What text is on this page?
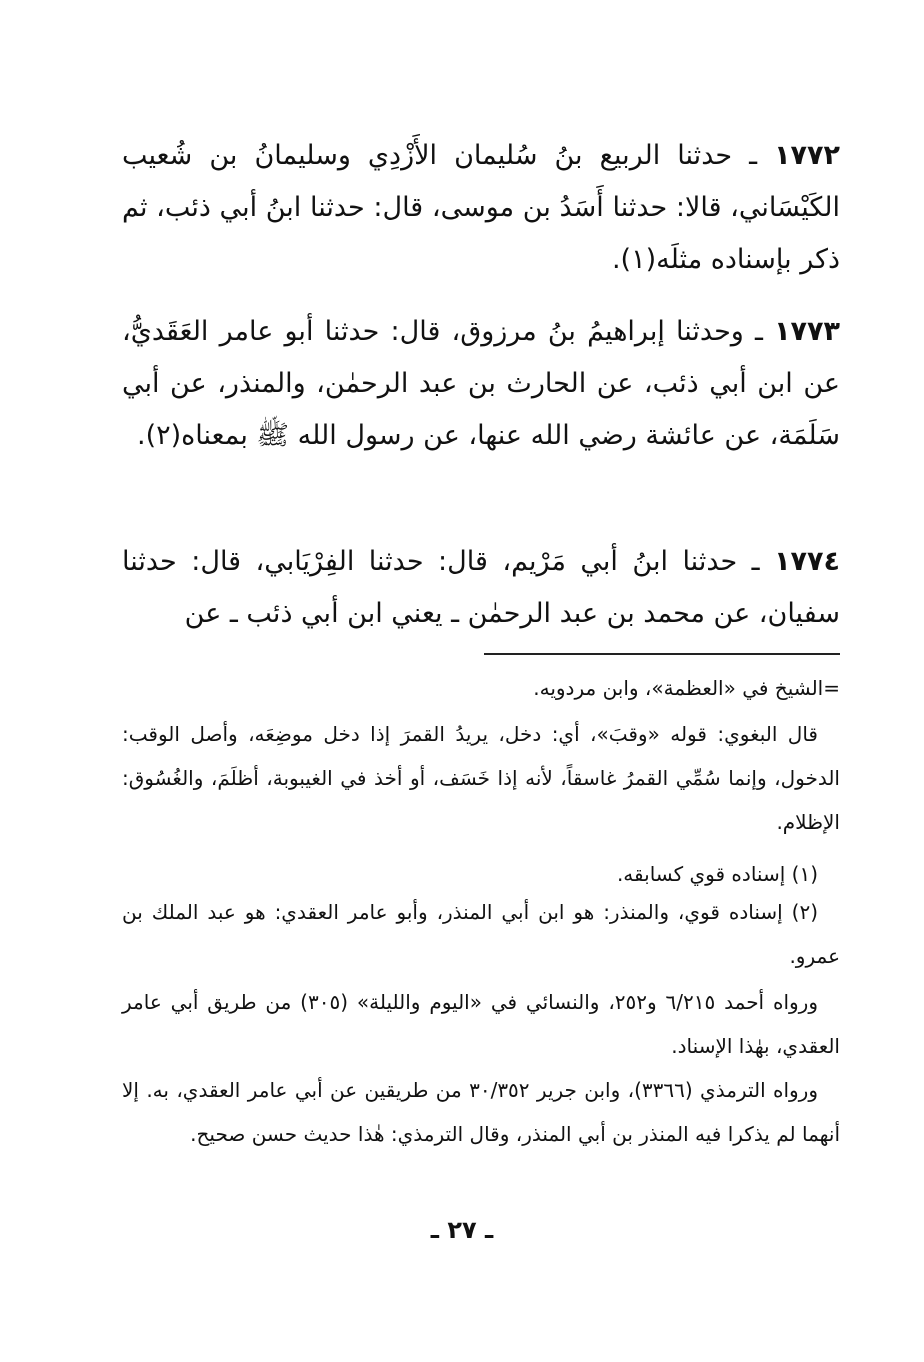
١٧٧٢ ـ حدثنا الربيع بنُ سُليمان الأَزْدِي وسليمانُ بن شُعيب الكَيْسَاني، قالا: حدثنا أَسَدُ بن موسى، قال: حدثنا ابنُ أبي ذئب، ثم ذكر بإسناده مثلَه(١).

١٧٧٣ ـ وحدثنا إبراهيمُ بنُ مرزوق، قال: حدثنا أبو عامر العَقَديُّ، عن ابن أبي ذئب، عن الحارث بن عبد الرحمٰن، والمنذر، عن أبي سَلَمَة، عن عائشة رضي الله عنها، عن رسول الله ﷺ بمعناه(٢).

١٧٧٤ ـ حدثنا ابنُ أبي مَرْيم، قال: حدثنا الفِرْيَابي، قال: حدثنا سفيان، عن محمد بن عبد الرحمٰن ـ يعني ابن أبي ذئب ـ عن

=الشيخ في «العظمة»، وابن مردويه.

قال البغوي: قوله «وقبَ»، أي: دخل، يريدُ القمرَ إذا دخل موضِعَه، وأصل الوقب: الدخول، وإنما سُمِّي القمرُ غاسقاً، لأنه إذا خَسَف، أو أخذ في الغيبوبة، أظلَمَ، والغُسُوق: الإظلام.

(١) إسناده قوي كسابقه.

(٢) إسناده قوي، والمنذر: هو ابن أبي المنذر، وأبو عامر العقدي: هو عبد الملك بن عمرو.

ورواه أحمد ٦/٢١٥ و٢٥٢، والنسائي في «اليوم والليلة» (٣٠٥) من طريق أبي عامر العقدي، بهٰذا الإسناد.

ورواه الترمذي (٣٣٦٦)، وابن جرير ٣٠/٣٥٢ من طريقين عن أبي عامر العقدي، به. إلا أنهما لم يذكرا فيه المنذر بن أبي المنذر، وقال الترمذي: هٰذا حديث حسن صحيح.

ـ ٢٧ ـ
